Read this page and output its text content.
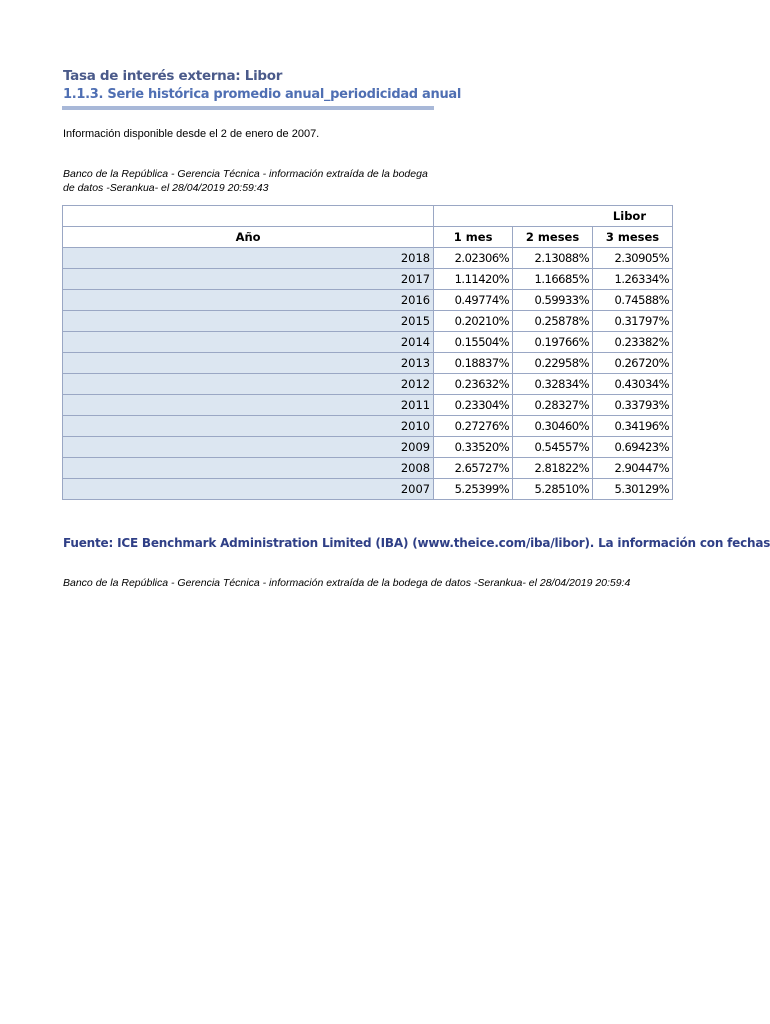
Tasa de interés externa: Libor
1.1.3. Serie histórica promedio anual_periodicidad anual
Información disponible desde el 2 de enero de 2007.
Banco de la República - Gerencia Técnica - información extraída de la bodega de datos -Serankua- el 28/04/2019 20:59:43
	Libor		
Año	1 mes	2 meses	3 meses
2018	2.02306%	2.13088%	2.30905%
2017	1.11420%	1.16685%	1.26334%
2016	0.49774%	0.59933%	0.74588%
2015	0.20210%	0.25878%	0.31797%
2014	0.15504%	0.19766%	0.23382%
2013	0.18837%	0.22958%	0.26720%
2012	0.23632%	0.32834%	0.43034%
2011	0.23304%	0.28327%	0.33793%
2010	0.27276%	0.30460%	0.34196%
2009	0.33520%	0.54557%	0.69423%
2008	2.65727%	2.81822%	2.90447%
2007	5.25399%	5.28510%	5.30129%
Fuente: ICE Benchmark Administration Limited (IBA) (www.theice.com/iba/libor). La información con fechas
Banco de la República - Gerencia Técnica - información extraída de la bodega de datos -Serankua- el 28/04/2019 20:59:4
